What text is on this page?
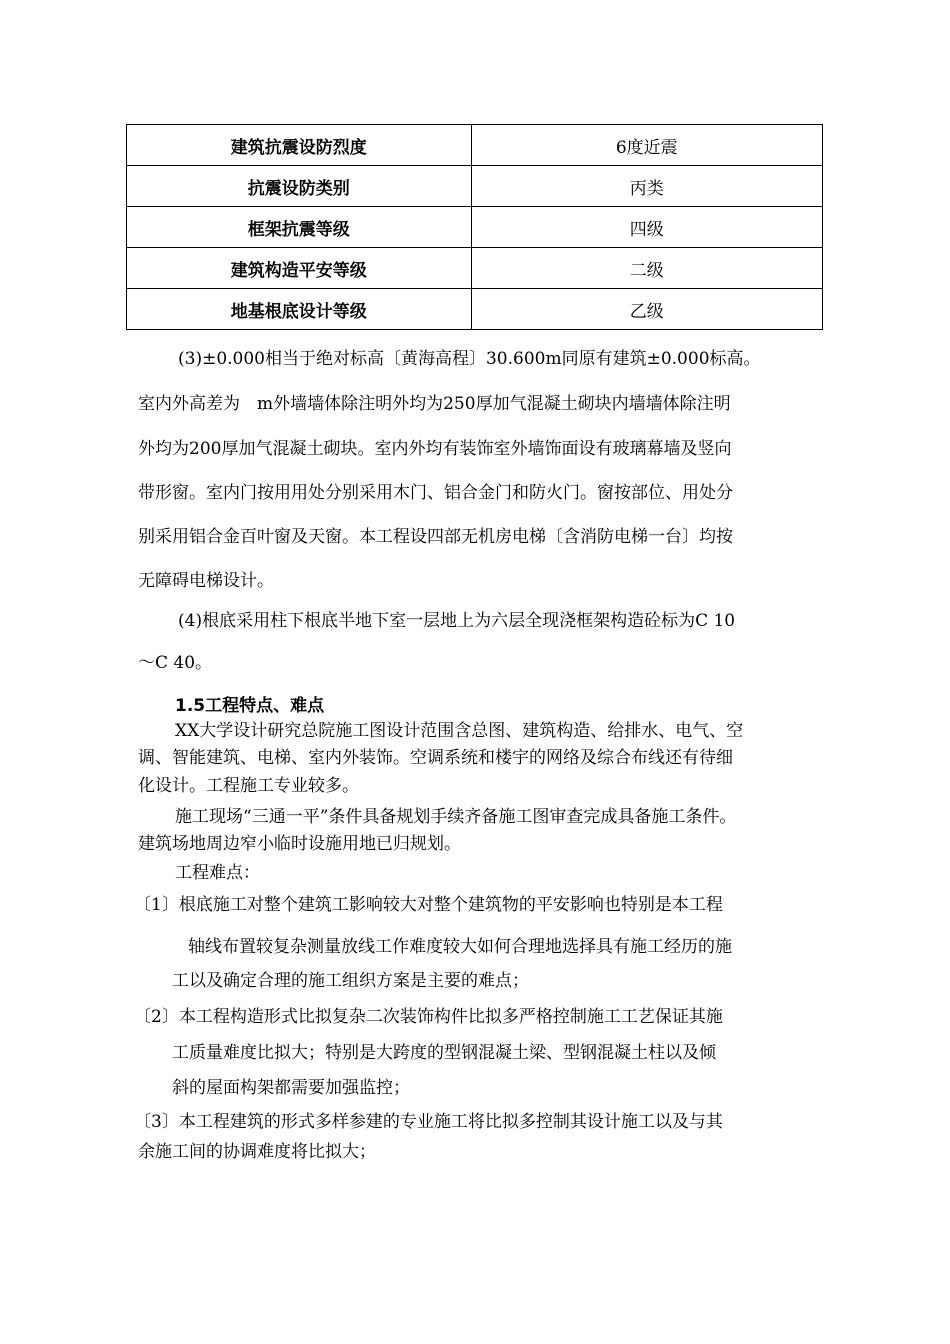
建筑抗震设防烈度	6度近震
抗震设防类别	丙类
框架抗震等级	四级
建筑构造平安等级	二级
地基根底设计等级	乙级
(3)±0.000相当于绝对标高〔黄海高程〕30.600m同原有建筑±0.000标高。
室内外高差为　m外墙墙体除注明外均为250厚加气混凝土砌块内墙墙体除注明
外均为200厚加气混凝土砌块。室内外均有装饰室外墙饰面设有玻璃幕墙及竖向
带形窗。室内门按用用处分别采用木门、铝合金门和防火门。窗按部位、用处分
别采用铝合金百叶窗及天窗。本工程设四部无机房电梯〔含消防电梯一台〕均按
无障碍电梯设计。
(4)根底采用柱下根底半地下室一层地上为六层全现浇框架构造砼标为C 10
～C 40。
1.5工程特点、难点
XX大学设计研究总院施工图设计范围含总图、建筑构造、给排水、电气、空
调、智能建筑、电梯、室内外装饰。空调系统和楼宇的网络及综合布线还有待细
化设计。工程施工专业较多。
施工现场“三通一平”条件具备规划手续齐备施工图审查完成具备施工条件。
建筑场地周边窄小临时设施用地已归规划。
工程难点：
〔1〕根底施工对整个建筑工影响较大对整个建筑物的平安影响也特别是本工程
轴线布置较复杂测量放线工作难度较大如何合理地选择具有施工经历的施
工以及确定合理的施工组织方案是主要的难点；
〔2〕本工程构造形式比拟复杂二次装饰构件比拟多严格控制施工工艺保证其施
工质量难度比拟大；特别是大跨度的型钢混凝土梁、型钢混凝土柱以及倾
斜的屋面构架都需要加强监控；
〔3〕本工程建筑的形式多样参建的专业施工将比拟多控制其设计施工以及与其
余施工间的协调难度将比拟大；
